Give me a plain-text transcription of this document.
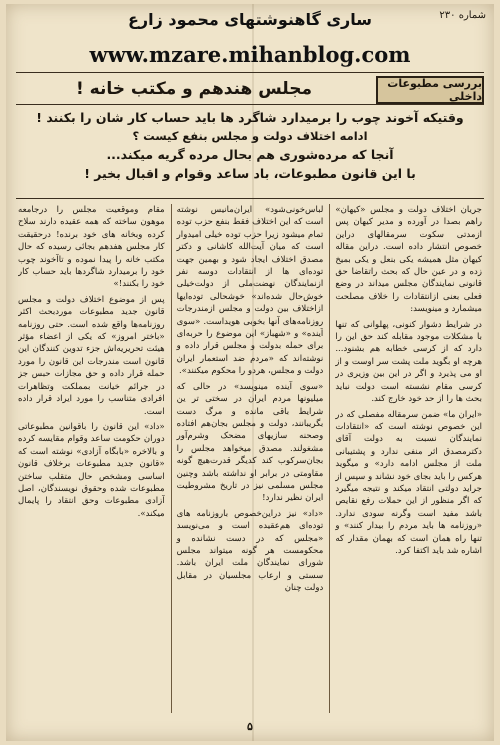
شماره ۲۳۰
ساری گاهنوشتهای محمود زارع
www.mzare.mihanblog.com
بررسی مطبوعات داخلی
مجلس هندهم و مکتب خانه !
وقتیکه آخوند چوب را برمیدارد شاگرد ها باید حساب کار شان را بکنند !
ادامه اختلاف دولت و مجلس بنفع کیست ؟
آنجا که مرده‌شوری هم بحال مرده گریه میکند...
با این قانون مطبوعات، باد ساعد وقوام و اقبال بخیر !

جریان اختلاف دولت و مجلس «کیهان» راهم بصدا در آورده و مدیر کیهان پس ازمدتی سکوت سرمقالهای دراین خصوص انتشار داده است. دراین مقاله کیهان مثل همیشه یکی بنعل و یکی بمیخ زده و در عین حال که بحث راتقاضا حق قانونی نمایندگان مجلس میداند در وضع فعلی بعنی ازانتقادات را خلاف مصلحت میشمارد و مینویسد:

در شرایط دشوار کنونی، پهلوانی که تنها با مشکلات موجود مقابله کند حق این را دارد که از کرسی خطابه هم بشنود... هرچه او بگوید ملت پشت سر اوست و از او می پذیرد و اگر در این بین وزیری در کرسی مقام نشسته است دولت نباید بحث ها را از حد خود خارج کند.

«ایران ما» ضمن سرمقاله مفصلی که در این خصوص نوشته است که «انتقادات نمایندگان نسبت به دولت آقای دکترمصدق اثر منفی ندارد و پشتیبانی ملت از مجلس ادامه دارد» و میگوید هرکس را باید بجای خود نشاند و سپس از جراید دولتی انتقاد میکند و نتیجه میگیرد که اگر منظور از این حملات رفع نقایص باشد مفید است وگرنه سودی ندارد. «روزنامه ها باید مردم را بیدار کنند» و تنها راه همان است که بهمان مقدار که اشاره شد باید اکتفا کرد.

لباس‌خونی‌شود» ایران‌مانیس نوشته است که این اختلاف فقط بنفع حزب توده تمام میشود زیرا حزب توده خیلی امیدوار است که میان آیت‌الله کاشانی و دکتر مصدق اختلاف ایجاد شود و بهمین جهت توده‌ای ها از انتقادات دوسه نفر ازنمایندگان نهضت‌ملی از دولت‌خیلی خوش‌حال شده‌اند» خوشحالی توده‌ایها ازاختلاف بین دولت و مجلس ازمندرجات روزنامه‌های آنها بخوبی هویداست. «سوی آینده» و «شهباز» این موضوع را حربه‌ای برای حمله بدولت و مجلس قرار داده و نوشته‌اند که «مردم ضد استعمار ایران دولت و مجلس، هردو را محکوم میکنند».

«سوی آینده مینویسد» در حالی که میلیونها مردم ایران در سختی تر ین شرایط باقی مانده و مرگ دست بگریبانند، دولت و مجلس بجان‌هم افتاده وصحنه سازیهای مضحک وشرم‌آور مشغولند. مصدق میخواهد مجلس را بجان‌سرکوب کند کدیگر قدرت‌هیچ گونه مقاومتی در برابر او نداشته باشد وچنین مجلس مسلمی نیز در تاریخ مشروطیت ایران نظیر ندارد!

«داد» نیز دراین‌خصوص باروزنامه های توده‌ای هم‌عقیده است و می‌نویسد «مجلس که در دست نشانده و محکومست هر گونه میتواند مجلس شورای نمایندگان ملت ایران باشد. سستی و ارعاب مجلسیان در مقابل دولت چنان

مقام وموقعیت مجلس را درجامعه موهون ساخته که همه عقیده دارند سلاح کرده وبخانه های خود برنده! درحقیقت کار مجلس هفدهم بجائی رسیده که حال مکتب خانه را پیدا نموده و تاآخوند چوب خود را برمیدارد شاگردها باید حساب کار خود را بکنند!»

پس از موضوع اختلاف دولت و مجلس قانون جدید مطبوعات موردبحث اکثر روزنامه‌ها واقع شده است. حتی روزنامه «باختر امروز» که یکی از اعضاء مؤثر هیئت تحریریه‌اش جزء تدوین کنندگان این قانون است مندرجات این قانون را مورد حمله قرار داده و حق مجازات حبس جز در جرائم خیانت بمملکت وتظاهرات افرادی متناسب را مورد ایراد قرار داده است.

«داد» این قانون را باقوانین مطبوعاتی دوران حکومت ساعد وقوام مقایسه کرده و بالاخره «بابگاه آزادی» نوشته است که «قانون جدید مطبوعات برخلاف قانون اساسی ومشخص حال متقلب ساختن مطبوعات شده وحقوق نویسندگان، اصل آزادی مطبوعات وحق انتقاد را پایمال میکند».

۵
